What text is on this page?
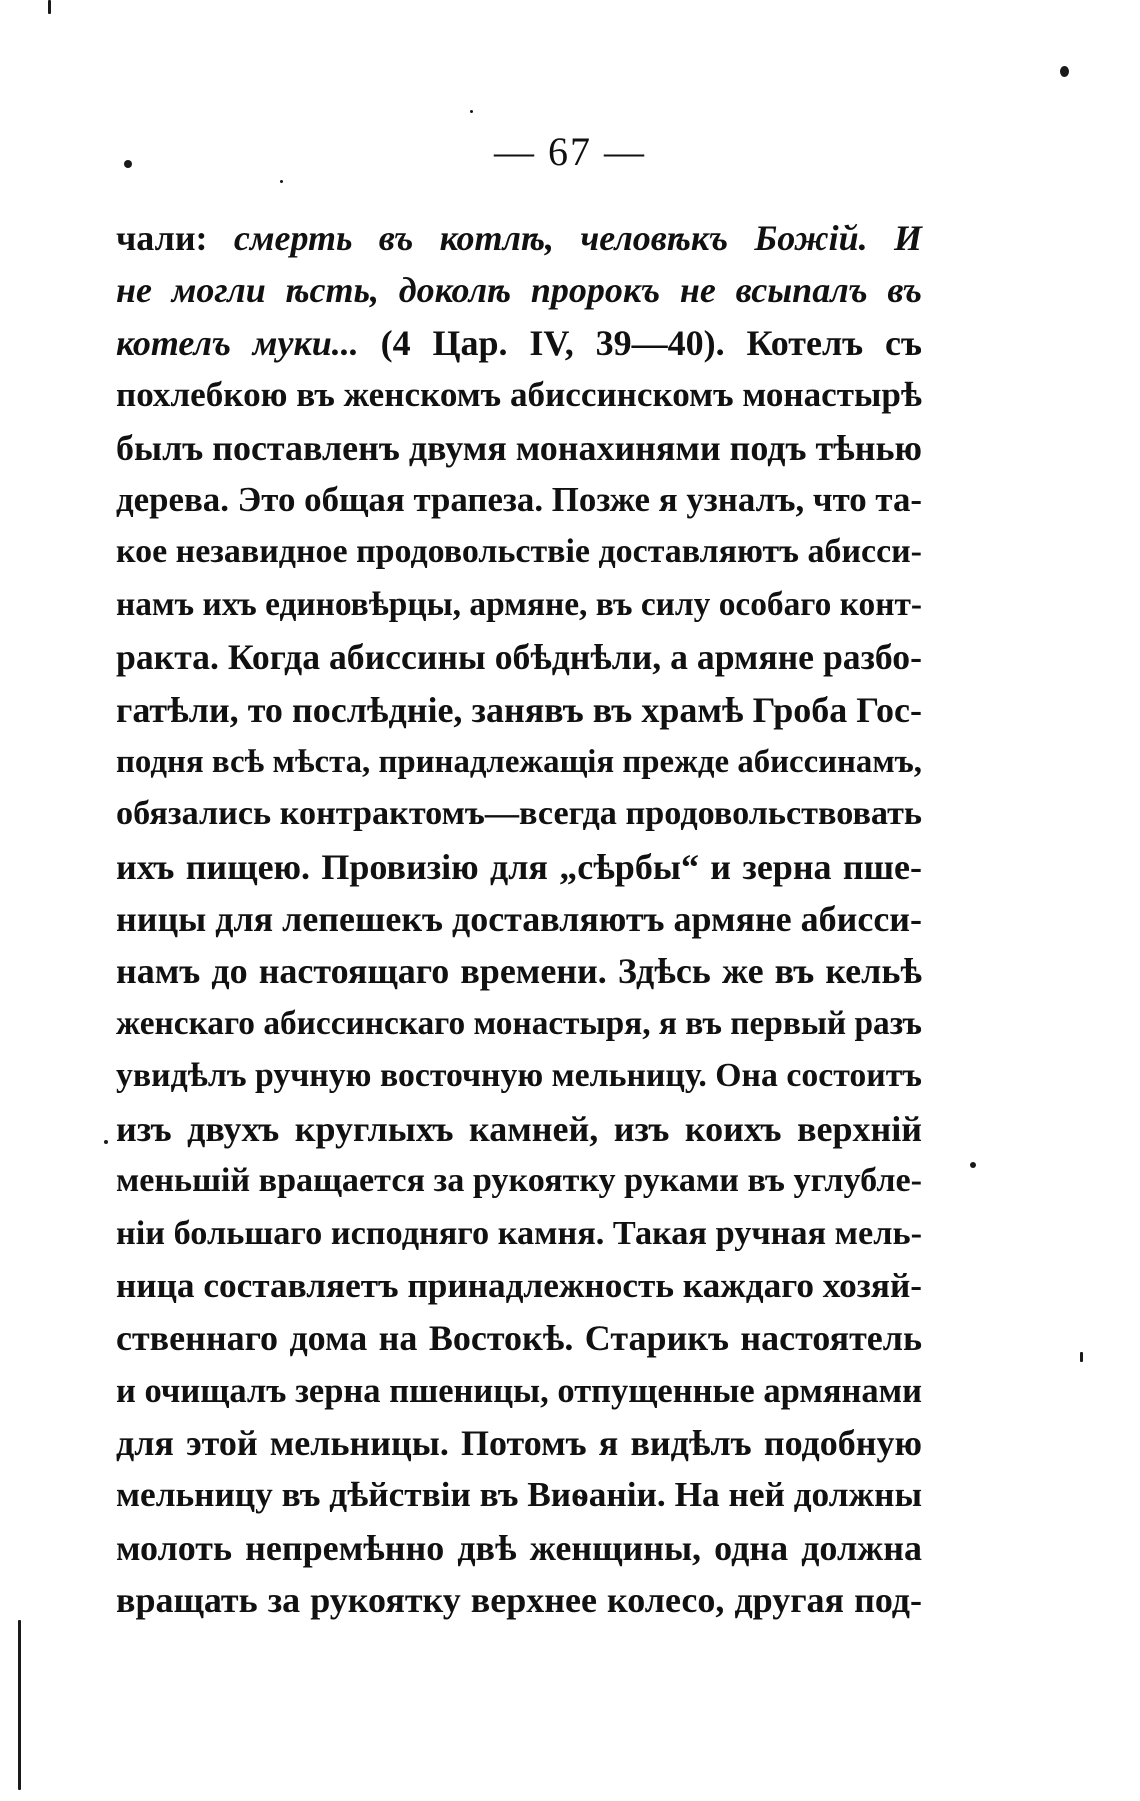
— 67 —
чали: смерть въ котлѣ, человѣкъ Божій. И
не могли ѣсть, доколѣ пророкъ не всыпалъ въ
котелъ муки... (4 Цар. IV, 39—40). Котелъ съ
похлебкою въ женскомъ абиссинскомъ монастырѣ
былъ поставленъ двумя монахинями подъ тѣнью
дерева. Это общая трапеза. Позже я узналъ, что та-
кое незавидное продовольствіе доставляютъ абисси-
намъ ихъ единовѣрцы, армяне, въ силу особаго конт-
ракта. Когда абиссины обѣднѣли, а армяне разбо-
гатѣли, то послѣдніе, занявъ въ храмѣ Гроба Гос-
подня всѣ мѣста, принадлежащія прежде абиссинамъ,
обязались контрактомъ—всегда продовольствовать
ихъ пищею. Провизію для „сѣрбы“ и зерна пше-
ницы для лепешекъ доставляютъ армяне абисси-
намъ до настоящаго времени. Здѣсь же въ кельѣ
женскаго абиссинскаго монастыря, я въ первый разъ
увидѣлъ ручную восточную мельницу. Она состоитъ
изъ двухъ круглыхъ камней, изъ коихъ верхній
меньшій вращается за рукоятку руками въ углубле-
ніи большаго исподняго камня. Такая ручная мель-
ница составляетъ принадлежность каждаго хозяй-
ственнаго дома на Востокѣ. Старикъ настоятель
и очищалъ зерна пшеницы, отпущенные армянами
для этой мельницы. Потомъ я видѣлъ подобную
мельницу въ дѣйствіи въ Виѳаніи. На ней должны
молоть непремѣнно двѣ женщины, одна должна
вращать за рукоятку верхнее колесо, другая под-
